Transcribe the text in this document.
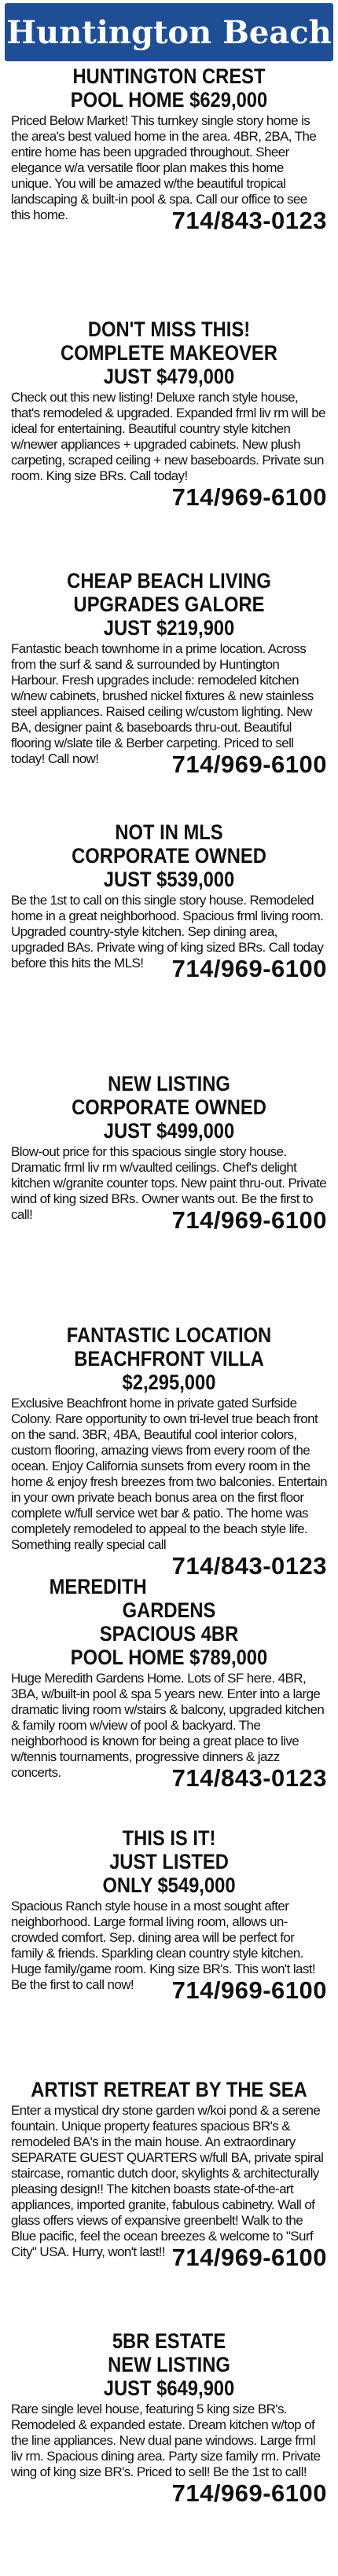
Huntington Beach
HUNTINGTON CREST
POOL HOME $629,000

Priced Below Market! This turnkey single story home is the area's best valued home in the area. 4BR, 2BA, The entire home has been upgraded throughout. Sheer elegance w/a versatile floor plan makes this home unique. You will be amazed w/the beautiful tropical landscaping & built-in pool & spa. Call our office to see this home.	714/843-0123

DON'T MISS THIS!
COMPLETE MAKEOVER
JUST $479,000

Check out this new listing! Deluxe ranch style house, that's remodeled & upgraded. Expanded frml liv rm will be ideal for entertaining. Beautiful country style kitchen w/newer appliances + upgraded cabinets. New plush carpeting, scraped ceiling + new baseboards. Private sun room. King size BRs. Call today!
714/969-6100

CHEAP BEACH LIVING
UPGRADES GALORE
JUST $219,900

Fantastic beach townhome in a prime location. Across from the surf & sand & surrounded by Huntington Harbour. Fresh upgrades include: remodeled kitchen w/new cabinets, brushed nickel fixtures & new stainless steel appliances. Raised ceiling w/custom lighting. New BA, designer paint & baseboards thru-out. Beautiful flooring w/slate tile & Berber carpeting. Priced to sell today! Call now!	714/969-6100

NOT IN MLS
CORPORATE OWNED
JUST $539,000

Be the 1st to call on this single story house. Remodeled home in a great neighborhood. Spacious frml living room. Upgraded country-style kitchen. Sep dining area, upgraded BAs. Private wing of king sized BRs. Call today before this hits the MLS! 714/969-6100

NEW LISTING
CORPORATE OWNED
JUST $499,000

Blow-out price for this spacious single story house. Dramatic frml liv rm w/vaulted ceilings. Chef's delight kitchen w/granite counter tops. New paint thru-out. Private wind of king sized BRs. Owner wants out. Be the first to call!	714/969-6100

FANTASTIC LOCATION
BEACHFRONT VILLA
$2,295,000

Exclusive Beachfront home in private gated Surfside Colony. Rare opportunity to own tri-level true beach front on the sand. 3BR, 4BA, Beautiful cool interior colors, custom flooring, amazing views from every room of the ocean. Enjoy California sunsets from every room in the home & enjoy fresh breezes from two balconies. Entertain in your own private beach bonus area on the first floor complete w/full service wet bar & patio. The home was completely remodeled to appeal to the beach style life. Something really special call
714/843-0123

MEREDITH GARDENS
SPACIOUS 4BR
POOL HOME $789,000

Huge Meredith Gardens Home. Lots of SF here. 4BR, 3BA, w/built-in pool & spa 5 years new. Enter into a large dramatic living room w/stairs & balcony, upgraded kitchen & family room w/view of pool & backyard. The neighborhood is known for being a great place to live w/tennis tournaments, progressive dinners & jazz concerts.	714/843-0123

THIS IS IT!
JUST LISTED
ONLY $549,000

Spacious Ranch style house in a most sought after neighborhood. Large formal living room, allows un-crowded comfort. Sep. dining area will be perfect for family & friends. Sparkling clean country style kitchen. Huge family/game room. King size BR's. This won't last! Be the first to call now! 714/969-6100

ARTIST RETREAT BY THE SEA

Enter a mystical dry stone garden w/koi pond & a serene fountain. Unique property features spacious BR's & remodeled BA's in the main house. An extraordinary SEPARATE GUEST QUARTERS w/full BA, private spiral staircase, romantic dutch door, skylights & architecturally pleasing design!! The kitchen boasts state-of-the-art appliances, imported granite, fabulous cabinetry. Wall of glass offers views of expansive greenbelt! Walk to the Blue pacific, feel the ocean breezes & welcome to "Surf City" USA. Hurry, won't last!! 714/969-6100

5BR ESTATE
NEW LISTING
JUST $649,900

Rare single level house, featuring 5 king size BR's. Remodeled & expanded estate. Dream kitchen w/top of the line appliances. New dual pane windows. Large frml liv rm. Spacious dining area. Party size family rm. Private wing of king size BR's. Priced to sell! Be the 1st to call!
714/969-6100
